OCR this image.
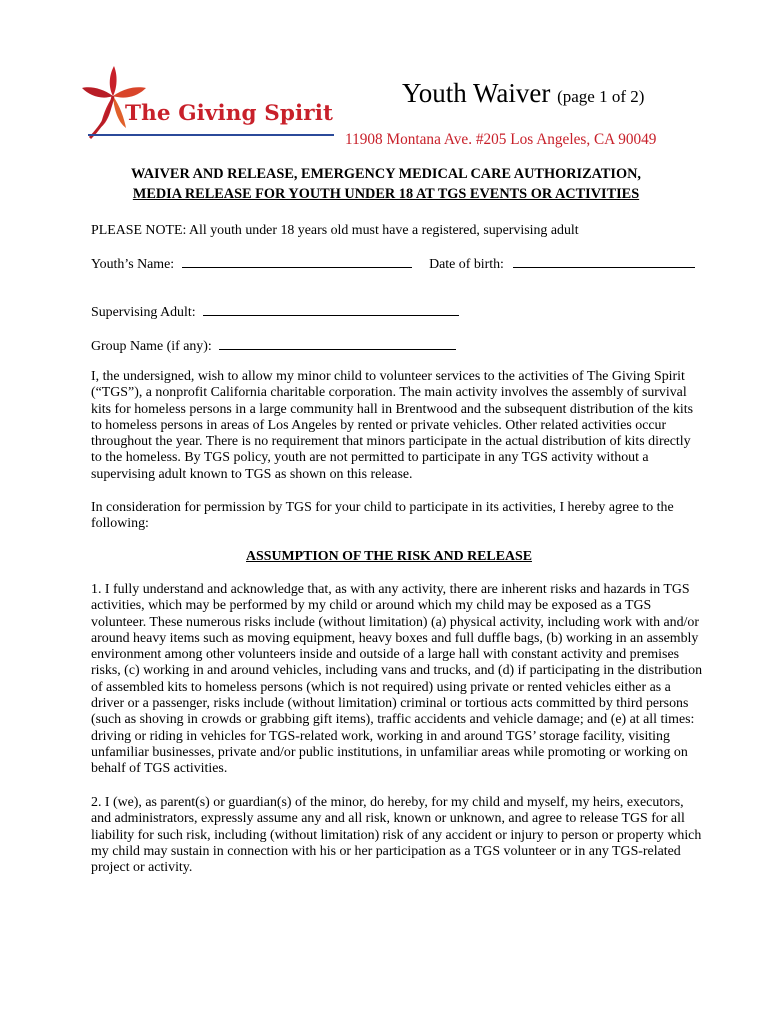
The Giving Spirit
Youth Waiver (page 1 of 2)
11908 Montana Ave. #205 Los Angeles, CA 90049
WAIVER AND RELEASE, EMERGENCY MEDICAL CARE AUTHORIZATION,
MEDIA RELEASE FOR YOUTH UNDER 18 AT TGS EVENTS OR ACTIVITIES
PLEASE NOTE: All youth under 18 years old must have a registered, supervising adult
Youth’s Name:	Date of birth:
Supervising Adult:
Group Name (if any):
I, the undersigned, wish to allow my minor child to volunteer services to the activities of The Giving Spirit (“TGS”), a nonprofit California charitable corporation. The main activity involves the assembly of survival kits for homeless persons in a large community hall in Brentwood and the subsequent distribution of the kits to homeless persons in areas of Los Angeles by rented or private vehicles. Other related activities occur throughout the year. There is no requirement that minors participate in the actual distribution of kits directly to the homeless. By TGS policy, youth are not permitted to participate in any TGS activity without a supervising adult known to TGS as shown on this release.
In consideration for permission by TGS for your child to participate in its activities, I hereby agree to the following:
ASSUMPTION OF THE RISK AND RELEASE
1. I fully understand and acknowledge that, as with any activity, there are inherent risks and hazards in TGS activities, which may be performed by my child or around which my child may be exposed as a TGS volunteer. These numerous risks include (without limitation) (a) physical activity, including work with and/or around heavy items such as moving equipment, heavy boxes and full duffle bags, (b) working in an assembly environment among other volunteers inside and outside of a large hall with constant activity and premises risks, (c) working in and around vehicles, including vans and trucks, and (d) if participating in the distribution of assembled kits to homeless persons (which is not required) using private or rented vehicles either as a driver or a passenger, risks include (without limitation) criminal or tortious acts committed by third persons (such as shoving in crowds or grabbing gift items), traffic accidents and vehicle damage; and (e) at all times: driving or riding in vehicles for TGS-related work, working in and around TGS’ storage facility, visiting unfamiliar businesses, private and/or public institutions, in unfamiliar areas while promoting or working on behalf of TGS activities.
2. I (we), as parent(s) or guardian(s) of the minor, do hereby, for my child and myself, my heirs, executors, and administrators, expressly assume any and all risk, known or unknown, and agree to release TGS for all liability for such risk, including (without limitation) risk of any accident or injury to person or property which my child may sustain in connection with his or her participation as a TGS volunteer or in any TGS-related project or activity.
